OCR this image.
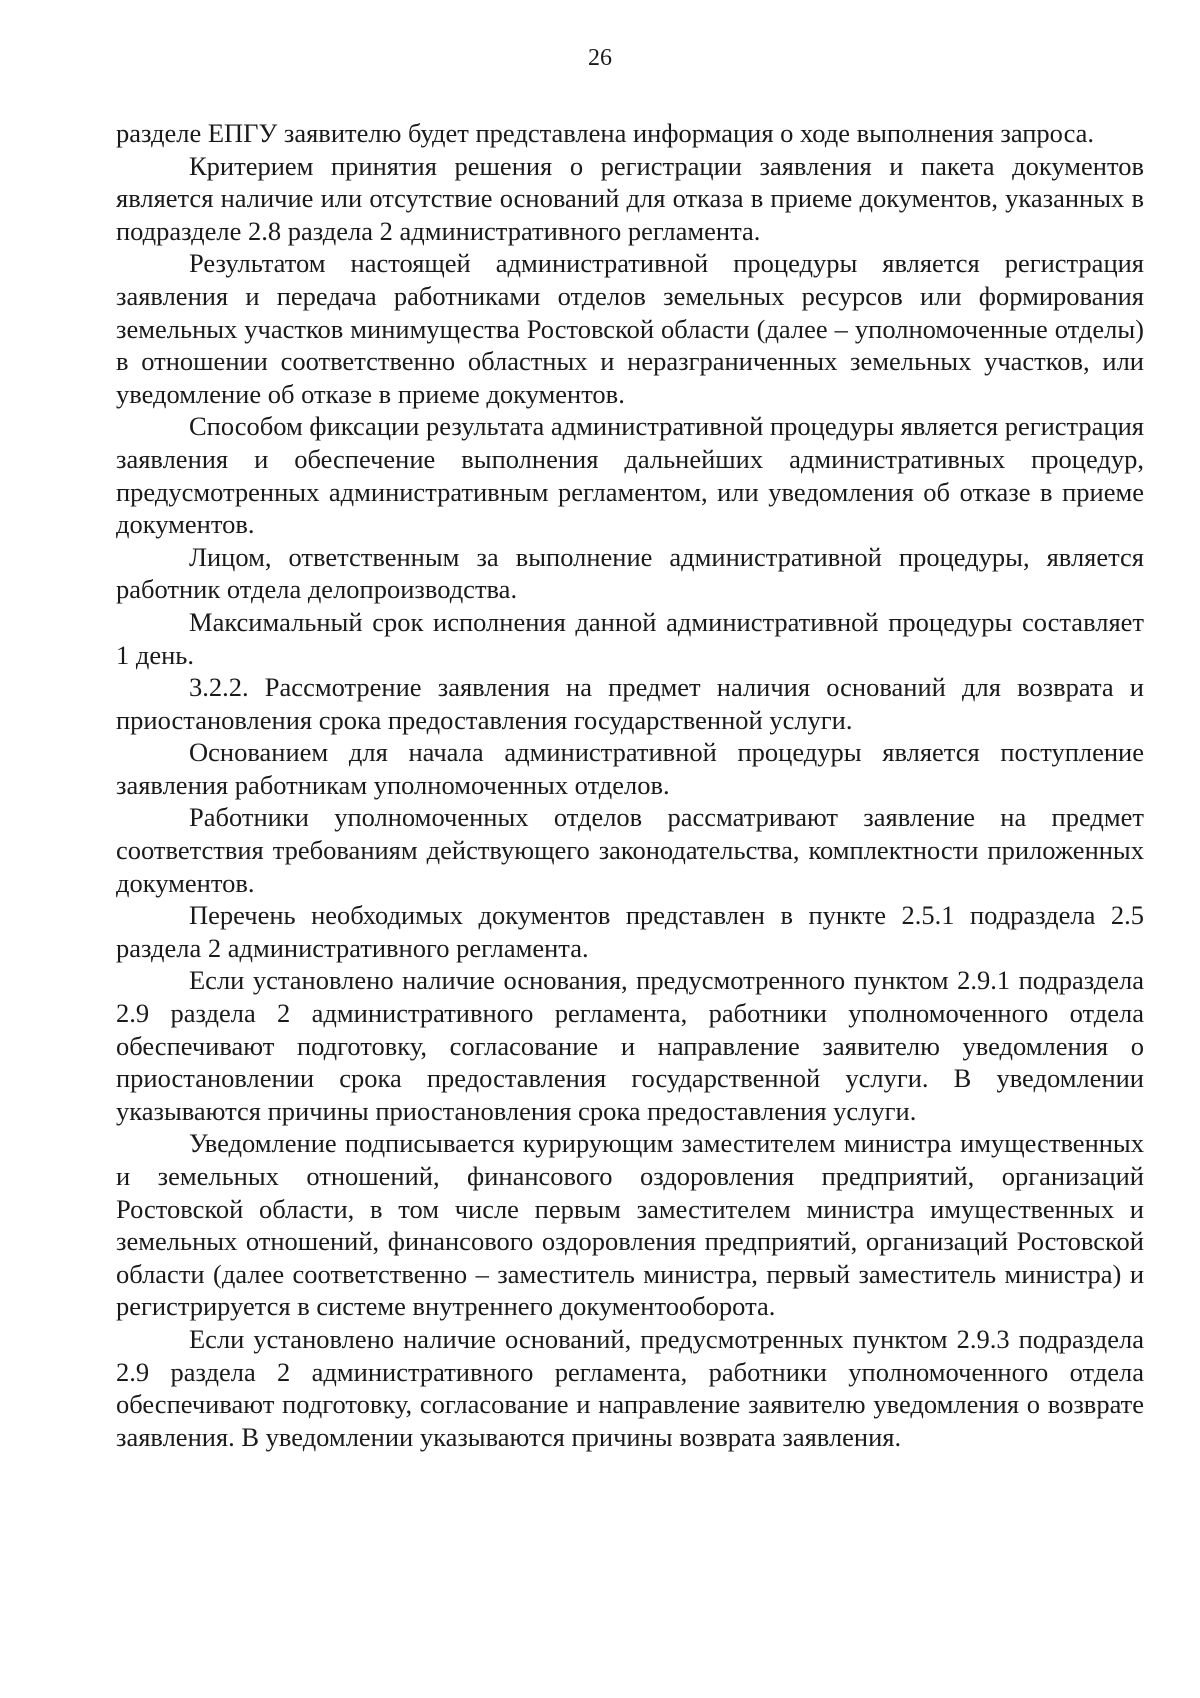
26

разделе ЕПГУ заявителю будет представлена информация о ходе выполнения запроса.

Критерием принятия решения о регистрации заявления и пакета документов является наличие или отсутствие оснований для отказа в приеме документов, указанных в подразделе 2.8 раздела 2 административного регламента.

Результатом настоящей административной процедуры является регистрация заявления и передача работниками отделов земельных ресурсов или формирования земельных участков минимущества Ростовской области (далее – уполномоченные отделы) в отношении соответственно областных и неразграниченных земельных участков, или уведомление об отказе в приеме документов.

Способом фиксации результата административной процедуры является регистрация заявления и обеспечение выполнения дальнейших административных процедур, предусмотренных административным регламентом, или уведомления об отказе в приеме документов.

Лицом, ответственным за выполнение административной процедуры, является работник отдела делопроизводства.

Максимальный срок исполнения данной административной процедуры составляет 1 день.

3.2.2. Рассмотрение заявления на предмет наличия оснований для возврата и приостановления срока предоставления государственной услуги.

Основанием для начала административной процедуры является поступление заявления работникам уполномоченных отделов.

Работники уполномоченных отделов рассматривают заявление на предмет соответствия требованиям действующего законодательства, комплектности приложенных документов.

Перечень необходимых документов представлен в пункте 2.5.1 подраздела 2.5 раздела 2 административного регламента.

Если установлено наличие основания, предусмотренного пунктом 2.9.1 подраздела 2.9 раздела 2 административного регламента, работники уполномоченного отдела обеспечивают подготовку, согласование и направление заявителю уведомления о приостановлении срока предоставления государственной услуги. В уведомлении указываются причины приостановления срока предоставления услуги.

Уведомление подписывается курирующим заместителем министра имущественных и земельных отношений, финансового оздоровления предприятий, организаций Ростовской области, в том числе первым заместителем министра имущественных и земельных отношений, финансового оздоровления предприятий, организаций Ростовской области (далее соответственно – заместитель министра, первый заместитель министра) и регистрируется в системе внутреннего документооборота.

Если установлено наличие оснований, предусмотренных пунктом 2.9.3 подраздела 2.9 раздела 2 административного регламента, работники уполномоченного отдела обеспечивают подготовку, согласование и направление заявителю уведомления о возврате заявления. В уведомлении указываются причины возврата заявления.
